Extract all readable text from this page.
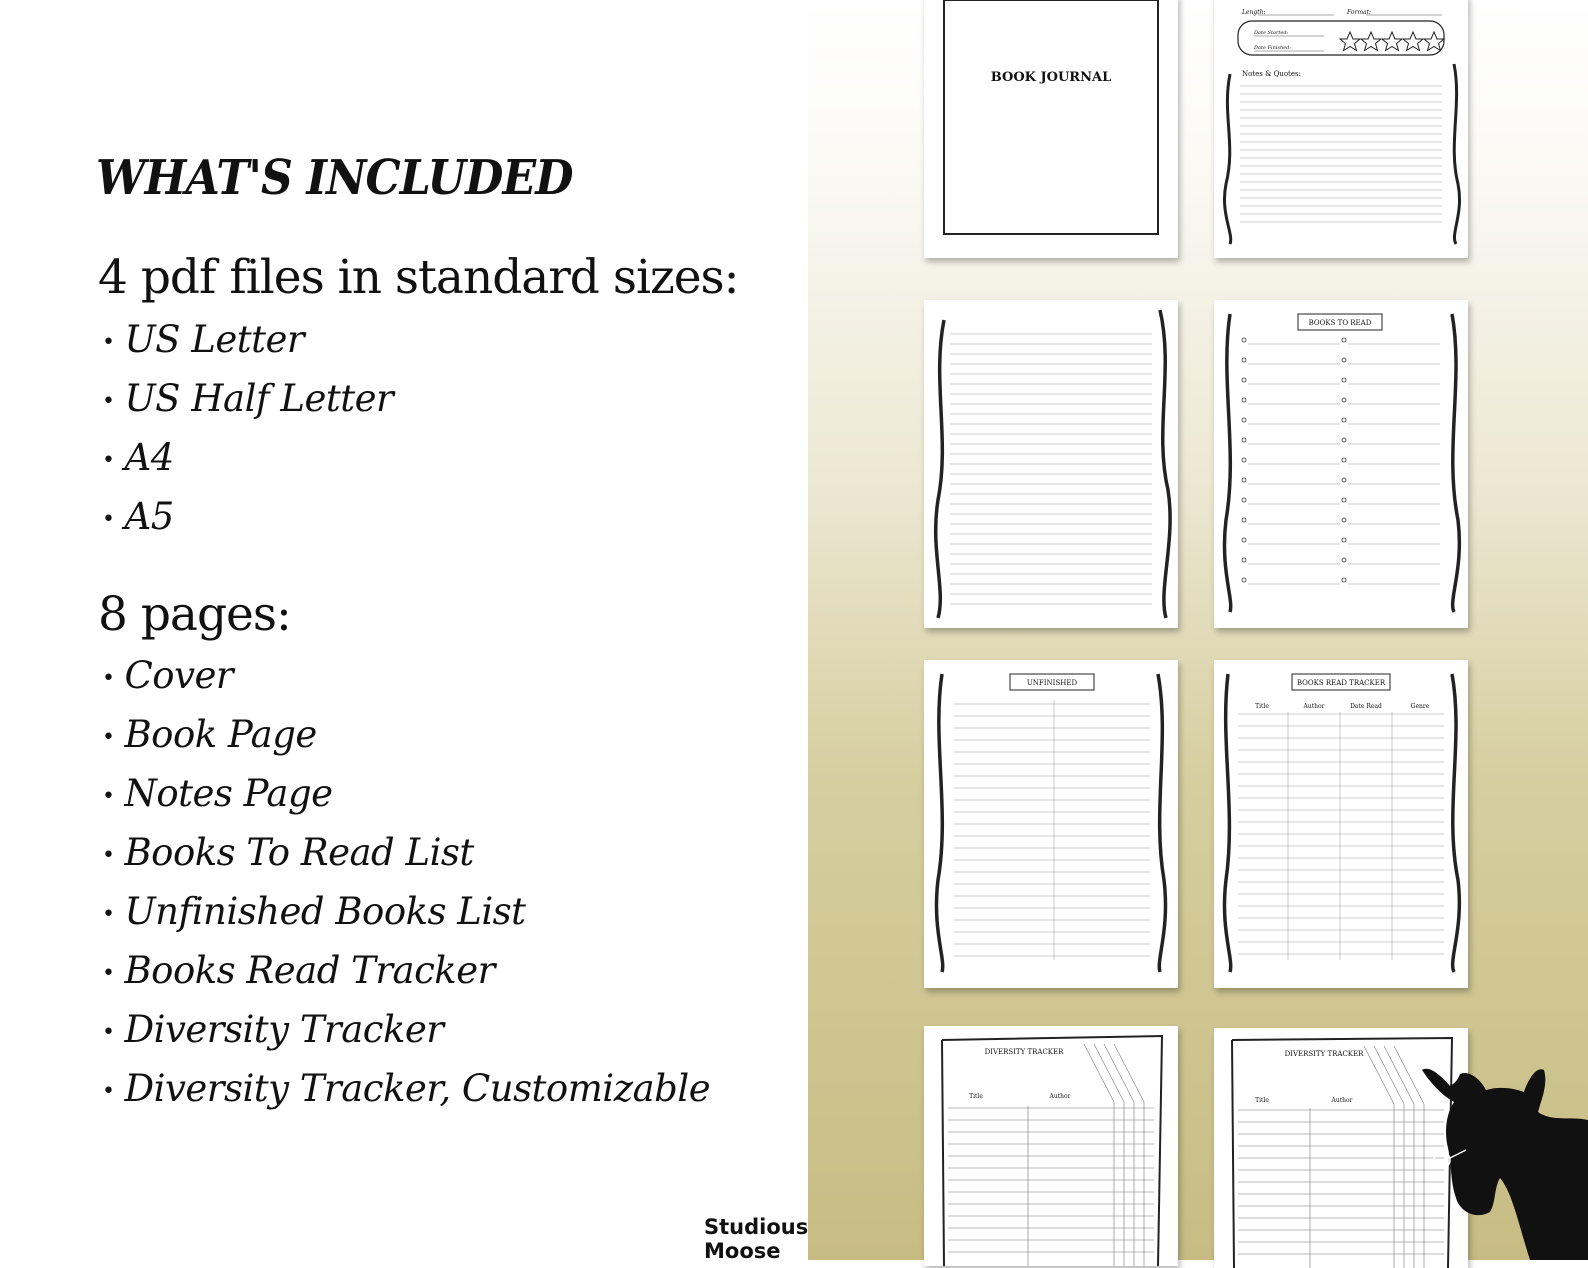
WHAT'S INCLUDED
4 pdf files in standard sizes:
• US Letter
• US Half Letter
• A4
• A5
8 pages:
• Cover
• Book Page
• Notes Page
• Books To Read List
• Unfinished Books List
• Books Read Tracker
• Diversity Tracker
• Diversity Tracker, Customizable
Studious Moose
BOOK JOURNAL
Length:	Format:
Date Started:
Date Finished:
Notes & Quotes:
BOOKS TO READ
UNFINISHED	BOOKS READ TRACKER
Title	Author	Date Read	Genre
DIVERSITY TRACKER
Title	Author
DIVERSITY TRACKER
Title	Author
